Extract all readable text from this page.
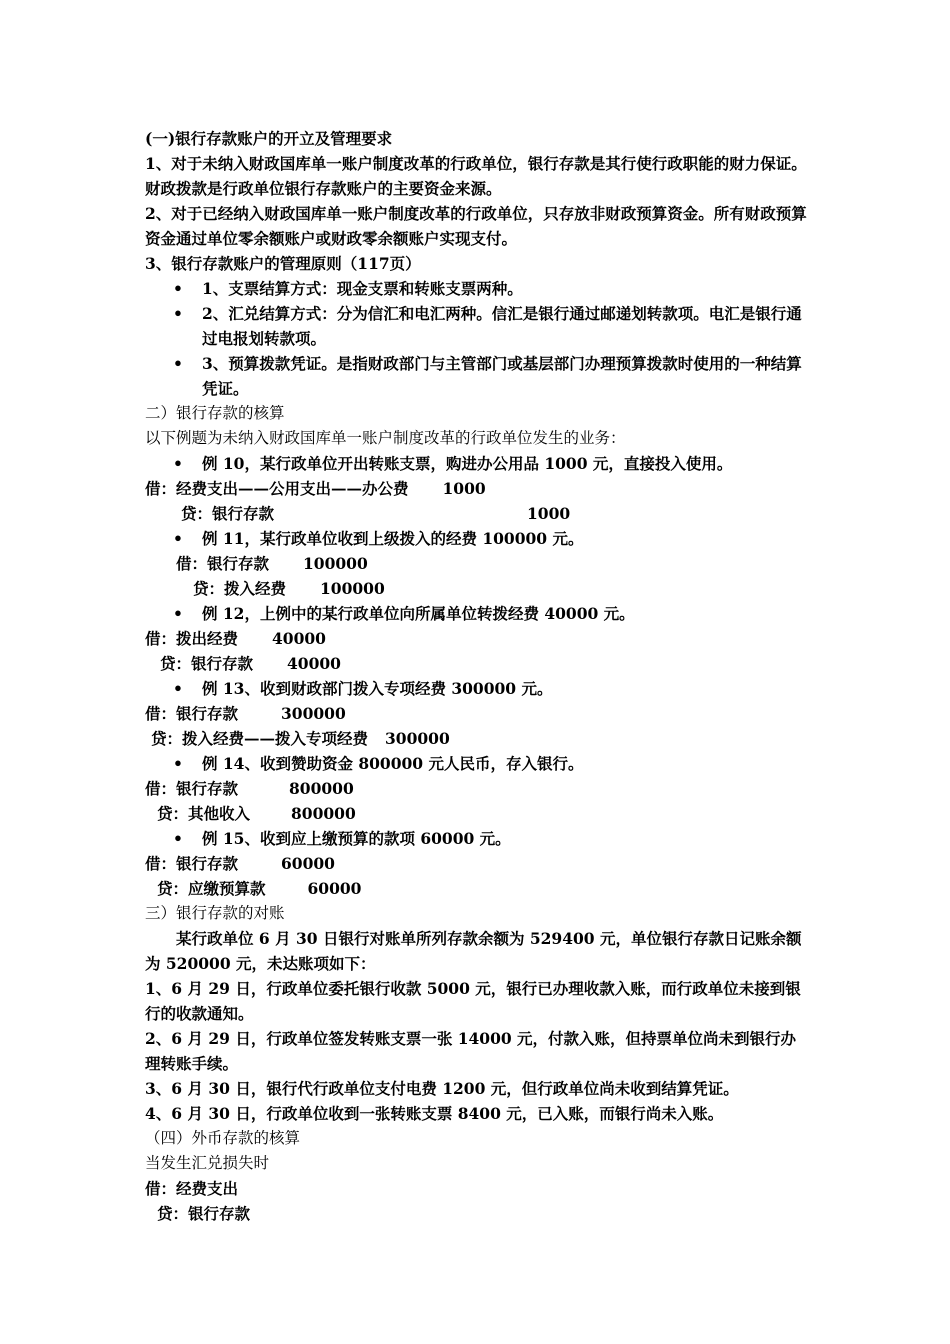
(一)银行存款账户的开立及管理要求
1、对于未纳入财政国库单一账户制度改革的行政单位，银行存款是其行使行政职能的财力保证。财政拨款是行政单位银行存款账户的主要资金来源。
2、对于已经纳入财政国库单一账户制度改革的行政单位，只存放非财政预算资金。所有财政预算资金通过单位零余额账户或财政零余额账户实现支付。
3、银行存款账户的管理原则（117页）
• 1、支票结算方式：现金支票和转账支票两种。
• 2、汇兑结算方式：分为信汇和电汇两种。信汇是银行通过邮递划转款项。电汇是银行通过电报划转款项。
• 3、预算拨款凭证。是指财政部门与主管部门或基层部门办理预算拨款时使用的一种结算凭证。
二）银行存款的核算
以下例题为未纳入财政国库单一账户制度改革的行政单位发生的业务：
• 例 10，某行政单位开出转账支票，购进办公用品 1000 元，直接投入使用。
借：经费支出——公用支出——办公费 1000
贷：银行存款	1000
• 例 11，某行政单位收到上级拨入的经费 100000 元。
借：银行存款 100000
贷：拨入经费 100000
• 例 12，上例中的某行政单位向所属单位转拨经费 40000 元。
借：拨出经费 40000
贷：银行存款 40000
• 例 13、收到财政部门拨入专项经费 300000 元。
借：银行存款	300000
贷：拨入经费——拨入专项经费 300000
• 例 14、收到赞助资金 800000 元人民币，存入银行。
借：银行存款	800000
贷：其他收入	800000
• 例 15、收到应上缴预算的款项 60000 元。
借：银行存款	60000
贷：应缴预算款	60000
三）银行存款的对账
某行政单位 6 月 30 日银行对账单所列存款余额为 529400 元，单位银行存款日记账余额为 520000 元，未达账项如下：
1、6 月 29 日，行政单位委托银行收款 5000 元，银行已办理收款入账，而行政单位未接到银行的收款通知。
2、6 月 29 日，行政单位签发转账支票一张 14000 元，付款入账，但持票单位尚未到银行办理转账手续。
3、6 月 30 日，银行代行政单位支付电费 1200 元，但行政单位尚未收到结算凭证。
4、6 月 30 日，行政单位收到一张转账支票 8400 元，已入账，而银行尚未入账。
（四）外币存款的核算
当发生汇兑损失时
借：经费支出
贷：银行存款
